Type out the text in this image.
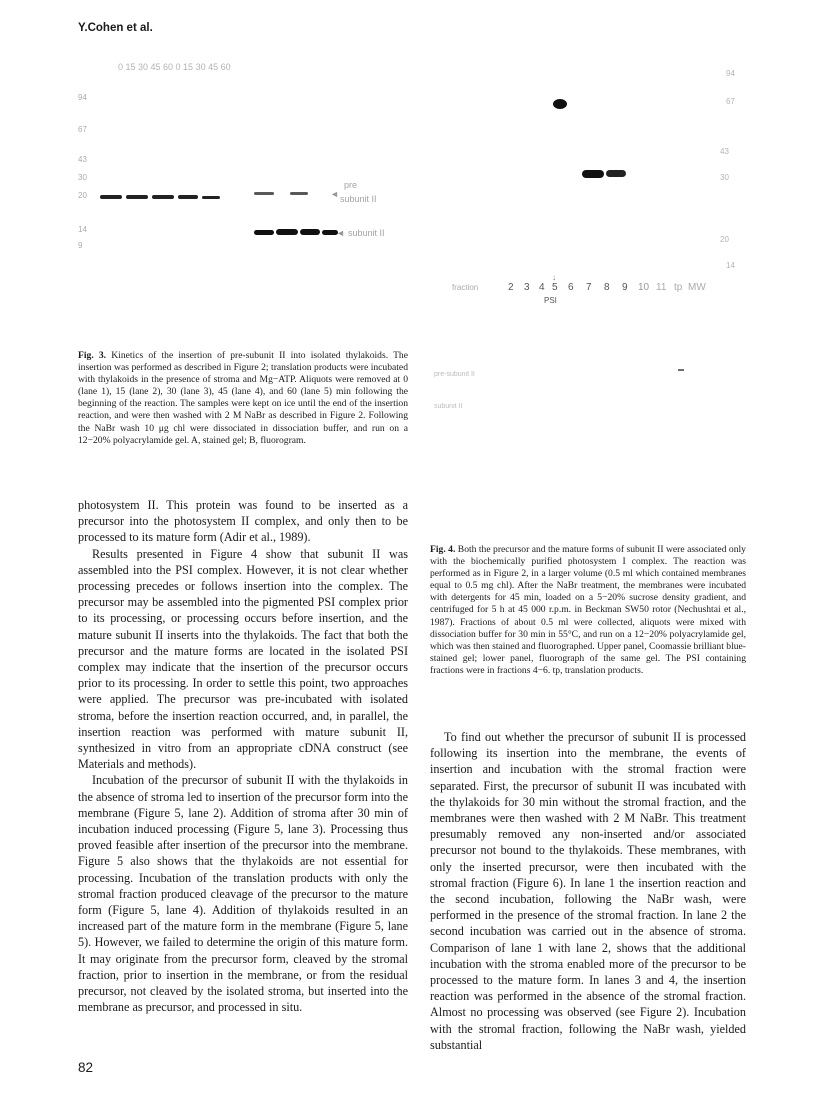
Y.Cohen et al.
0 15 30 45 60 0 15 30 45 60
94
67
43
30
20
14
9
◄
pre
subunit II
◄ subunit II
Fig. 3. Kinetics of the insertion of pre-subunit II into isolated thylakoids. The insertion was performed as described in Figure 2; translation products were incubated with thylakoids in the presence of stroma and Mg−ATP. Aliquots were removed at 0 (lane 1), 15 (lane 2), 30 (lane 3), 45 (lane 4), and 60 (lane 5) min following the beginning of the reaction. The samples were kept on ice until the end of the insertion reaction, and were then washed with 2 M NaBr as described in Figure 2. Following the NaBr wash 10 μg chl were dissociated in dissociation buffer, and run on a 12−20% polyacrylamide gel. A, stained gel; B, fluorogram.
94
67
43
30
20
14
fraction	2 3 4 5 6 7 8 9 10 11 tp MW
↓
PSI
pre-subunit II
subunit II
Fig. 4. Both the precursor and the mature forms of subunit II were associated only with the biochemically purified photosystem I complex. The reaction was performed as in Figure 2, in a larger volume (0.5 ml which contained membranes equal to 0.5 mg chl). After the NaBr treatment, the membranes were incubated with detergents for 45 min, loaded on a 5−20% sucrose density gradient, and centrifuged for 5 h at 45 000 r.p.m. in Beckman SW50 rotor (Nechushtai et al., 1987). Fractions of about 0.5 ml were collected, aliquots were mixed with dissociation buffer for 30 min in 55°C, and run on a 12−20% polyacrylamide gel, which was then stained and fluorographed. Upper panel, Coomassie brilliant blue-stained gel; lower panel, fluorograph of the same gel. The PSI containing fractions were in fractions 4−6. tp, translation products.

photosystem II. This protein was found to be inserted as a precursor into the photosystem II complex, and only then to be processed to its mature form (Adir et al., 1989).

Results presented in Figure 4 show that subunit II was assembled into the PSI complex. However, it is not clear whether processing precedes or follows insertion into the complex. The precursor may be assembled into the pigmented PSI complex prior to its processing, or processing occurs before insertion, and the mature subunit II inserts into the thylakoids. The fact that both the precursor and the mature forms are located in the isolated PSI complex may indicate that the insertion of the precursor occurs prior to its processing. In order to settle this point, two approaches were applied. The precursor was pre-incubated with isolated stroma, before the insertion reaction occurred, and, in parallel, the insertion reaction was performed with mature subunit II, synthesized in vitro from an appropriate cDNA construct (see Materials and methods).

Incubation of the precursor of subunit II with the thylakoids in the absence of stroma led to insertion of the precursor form into the membrane (Figure 5, lane 2). Addition of stroma after 30 min of incubation induced processing (Figure 5, lane 3). Processing thus proved feasible after insertion of the precursor into the membrane. Figure 5 also shows that the thylakoids are not essential for processing. Incubation of the translation products with only the stromal fraction produced cleavage of the precursor to the mature form (Figure 5, lane 4). Addition of thylakoids resulted in an increased part of the mature form in the membrane (Figure 5, lane 5). However, we failed to determine the origin of this mature form. It may originate from the precursor form, cleaved by the stromal fraction, prior to insertion in the membrane, or from the residual precursor, not cleaved by the isolated stroma, but inserted into the membrane as precursor, and processed in situ.

To find out whether the precursor of subunit II is processed following its insertion into the membrane, the events of insertion and incubation with the stromal fraction were separated. First, the precursor of subunit II was incubated with the thylakoids for 30 min without the stromal fraction, and the membranes were then washed with 2 M NaBr. This treatment presumably removed any non-inserted and/or associated precursor not bound to the thylakoids. These membranes, with only the inserted precursor, were then incubated with the stromal fraction (Figure 6). In lane 1 the insertion reaction and the second incubation, following the NaBr wash, were performed in the presence of the stromal fraction. In lane 2 the second incubation was carried out in the absence of stroma. Comparison of lane 1 with lane 2, shows that the additional incubation with the stroma enabled more of the precursor to be processed to the mature form. In lanes 3 and 4, the insertion reaction was performed in the absence of the stromal fraction. Almost no processing was observed (see Figure 2). Incubation with the stromal fraction, following the NaBr wash, yielded substantial

82
